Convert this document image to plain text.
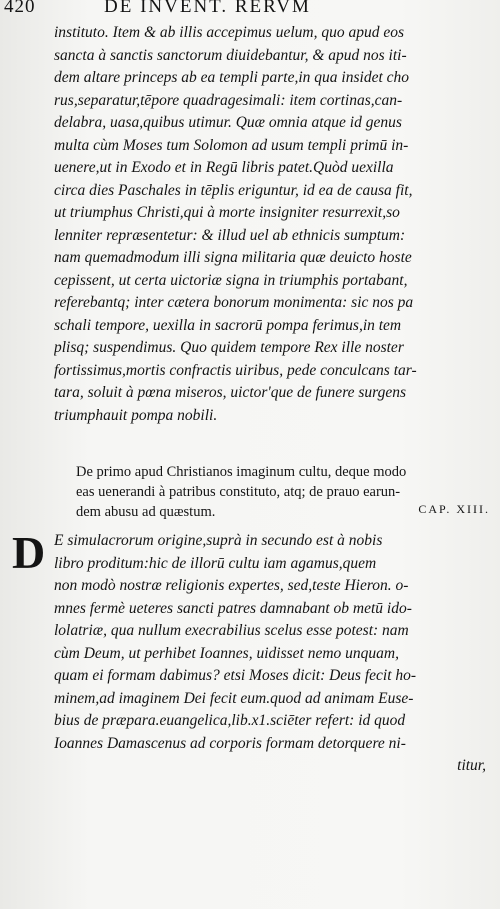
420	DE INVENT. RERVM
instituto. Item & ab illis accepimus uelum, quo apud eos
sancta à sanctis sanctorum diuidebantur, & apud nos iti-
dem altare princeps ab ea templi parte,in qua insidet cho
rus,separatur,tēpore quadragesimali: item cortinas,can-
delabra, uasa,quibus utimur. Quæ omnia atque id genus
multa cùm Moses tum Solomon ad usum templi primū in-
uenere,ut in Exodo et in Regū libris patet.Quòd uexilla
circa dies Paschales in tēplis eriguntur, id ea de causa fit,
ut triumphus Christi,qui à morte insigniter resurrexit,so
lenniter repræsentetur: & illud uel ab ethnicis sumptum:
nam quemadmodum illi signa militaria quæ deuicto hoste
cepissent, ut certa uictoriæ signa in triumphis portabant,
referebantq; inter cætera bonorum monimenta: sic nos pa
schali tempore, uexilla in sacrorū pompa ferimus,in tem
plisq; suspendimus. Quo quidem tempore Rex ille noster
fortissimus,mortis confractis uiribus, pede conculcans tar-
tara, soluit à pœna miseros, uictor'que de funere surgens
triumphauit pompa nobili.
De primo apud Christianos imaginum cultu, deque modo
eas uenerandi à patribus constituto, atq; de prauo earun-
dem abusu ad quæstum.	CAP. XIII.
D E simulacrorum origine,suprà in secundo est à nobis
libro proditum:hic de illorū cultu iam agamus,quem
non modò nostræ religionis expertes, sed,teste Hieron. o-
mnes fermè ueteres sancti patres damnabant ob metū ido-
lolatriæ, qua nullum execrabilius scelus esse potest: nam
cùm Deum, ut perhibet Ioannes, uidisset nemo unquam,
quam ei formam dabimus? etsi Moses dicit: Deus fecit ho-
minem,ad imaginem Dei fecit eum.quod ad animam Euse-
bius de præpara.euangelica,lib.x1.sciēter refert: id quod
Ioannes Damascenus ad corporis formam detorquere ni-
titur,
